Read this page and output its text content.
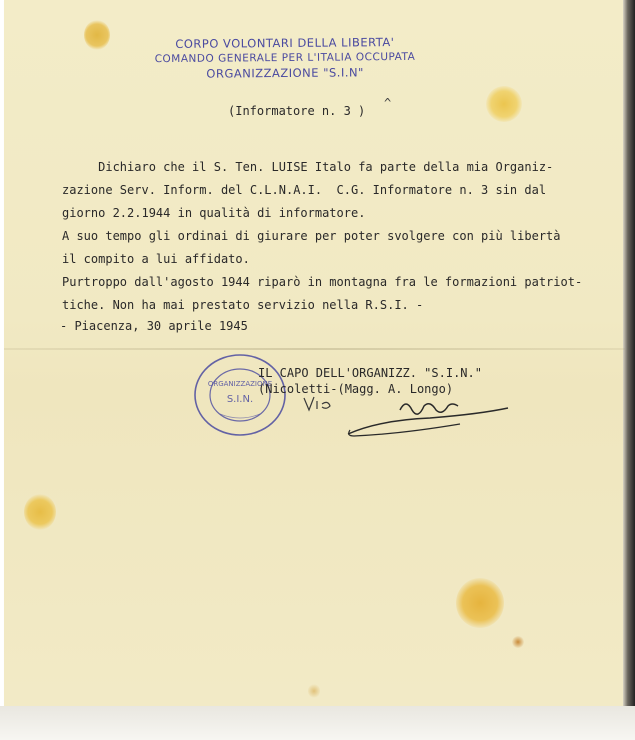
CORPO VOLONTARI DELLA LIBERTA'
COMANDO GENERALE PER L'ITALIA OCCUPATA
ORGANIZZAZIONE "S.I.N"
(Informatore n. 3 )
^
Dichiaro che il S. Ten. LUISE Italo fa parte della mia Organiz-
zazione Serv. Inform. del C.L.N.A.I.  C.G. Informatore n. 3 sin dal
giorno 2.2.1944 in qualità di informatore.
A suo tempo gli ordinai di giurare per poter svolgere con più libertà
il compito a lui affidato.
Purtroppo dall'agosto 1944 riparò in montagna fra le formazioni patriot-
tiche. Non ha mai prestato servizio nella R.S.I. -
- Piacenza, 30 aprile 1945
ORGANIZZAZIONE
S.I.N.
IL CAPO DELL'ORGANIZZ. "S.I.N."
(Nicoletti-(Magg. A. Longo)
